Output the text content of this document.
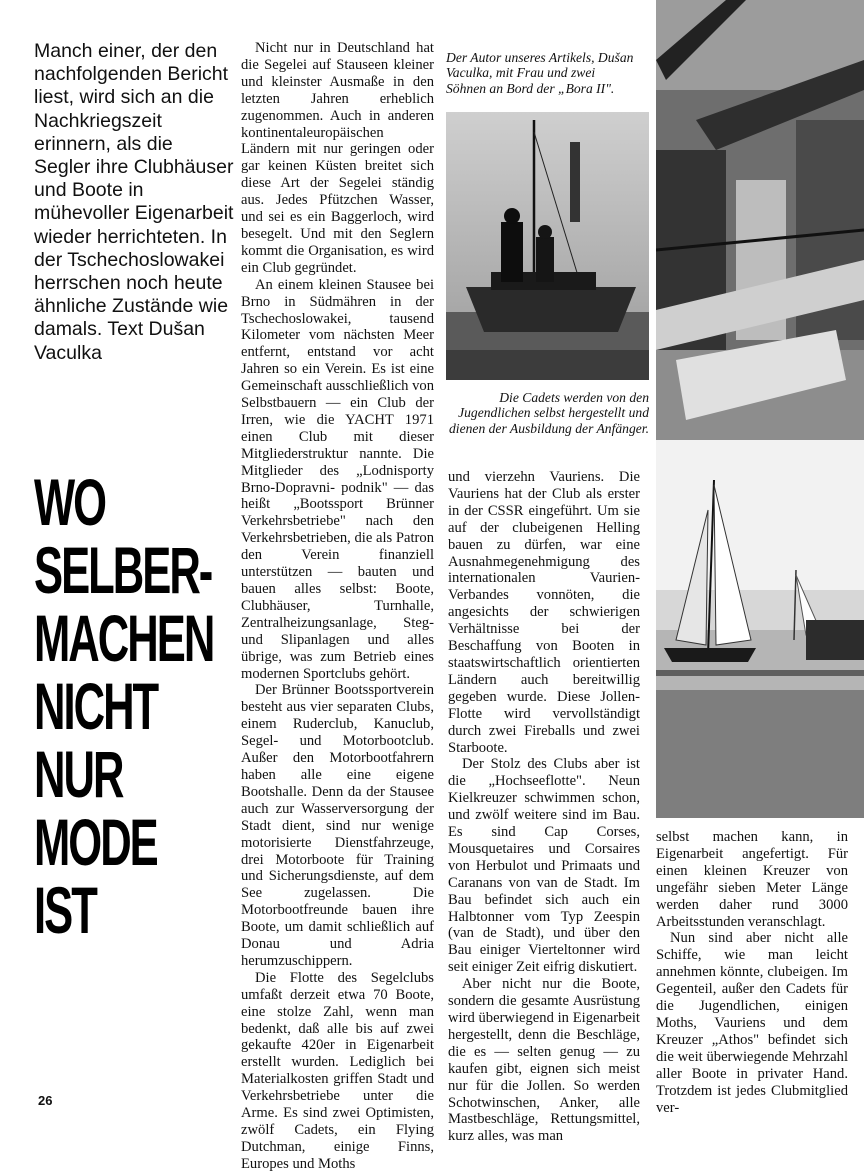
Manch einer, der den nachfolgenden Bericht liest, wird sich an die Nachkriegszeit erinnern, als die Segler ihre Clubhäuser und Boote in mühevoller Eigenarbeit wieder herrichteten. In der Tschechoslowakei herrschen noch heute ähnliche Zustände wie damals. Text Dušan Vaculka

WO
SELBER-
MACHEN
NICHT
NUR
MODE
IST

Nicht nur in Deutschland hat die Segelei auf Stauseen kleiner und kleinster Ausmaße in den letzten Jahren erheblich zugenommen. Auch in anderen kontinentaleuropäischen Ländern mit nur geringen oder gar keinen Küsten breitet sich diese Art der Segelei ständig aus. Jedes Pfützchen Wasser, und sei es ein Baggerloch, wird besegelt. Und mit den Seglern kommt die Organisation, es wird ein Club gegründet.

An einem kleinen Stausee bei Brno in Südmähren in der Tschechoslowakei, tausend Kilometer vom nächsten Meer entfernt, entstand vor acht Jahren so ein Verein. Es ist eine Gemeinschaft ausschließlich von Selbstbauern — ein Club der Irren, wie die YACHT 1971 einen Club mit dieser Mitgliederstruktur nannte. Die Mitglieder des „Lodnisporty Brno-Dopravni- podnik" — das heißt „Bootssport Brünner Verkehrsbetriebe" nach den Verkehrsbetrieben, die als Patron den Verein finanziell unterstützen — bauten und bauen alles selbst: Boote, Clubhäuser, Turnhalle, Zentralheizungsanlage, Steg- und Slipanlagen und alles übrige, was zum Betrieb eines modernen Sportclubs gehört.

Der Brünner Bootssportverein besteht aus vier separaten Clubs, einem Ruderclub, Kanuclub, Segel- und Motorbootclub. Außer den Motorbootfahrern haben alle eine eigene Bootshalle. Denn da der Stausee auch zur Wasserversorgung der Stadt dient, sind nur wenige motorisierte Dienstfahrzeuge, drei Motorboote für Training und Sicherungsdienste, auf dem See zugelassen. Die Motorbootfreunde bauen ihre Boote, um damit schließlich auf Donau und Adria herumzuschippern.

Die Flotte des Segelclubs umfaßt derzeit etwa 70 Boote, eine stolze Zahl, wenn man bedenkt, daß alle bis auf zwei gekaufte 420er in Eigenarbeit erstellt wurden. Lediglich bei Materialkosten griffen Stadt und Verkehrsbetriebe unter die Arme. Es sind zwei Optimisten, zwölf Cadets, ein Flying Dutchman, einige Finns, Europes und Moths

und vierzehn Vauriens. Die Vauriens hat der Club als erster in der CSSR eingeführt. Um sie auf der clubeigenen Helling bauen zu dürfen, war eine Ausnahmegenehmigung des internationalen Vaurien-Verbandes vonnöten, die angesichts der schwierigen Verhältnisse bei der Beschaffung von Booten in staatswirtschaftlich orientierten Ländern auch bereitwillig gegeben wurde. Diese Jollen-Flotte wird vervollständigt durch zwei Fireballs und zwei Starboote.

Der Stolz des Clubs aber ist die „Hochseeflotte". Neun Kielkreuzer schwimmen schon, und zwölf weitere sind im Bau. Es sind Cap Corses, Mousquetaires und Corsaires von Herbulot und Primaats und Caranans von van de Stadt. Im Bau befindet sich auch ein Halbtonner vom Typ Zeespin (van de Stadt), und über den Bau einiger Vierteltonner wird seit einiger Zeit eifrig diskutiert.

Aber nicht nur die Boote, sondern die gesamte Ausrüstung wird überwiegend in Eigenarbeit hergestellt, denn die Beschläge, die es — selten genug — zu kaufen gibt, eignen sich meist nur für die Jollen. So werden Schotwinschen, Anker, alle Mastbeschläge, Rettungsmittel, kurz alles, was man

selbst machen kann, in Eigenarbeit angefertigt. Für einen kleinen Kreuzer von ungefähr sieben Meter Länge werden daher rund 3000 Arbeitsstunden veranschlagt.

Nun sind aber nicht alle Schiffe, wie man leicht annehmen könnte, clubeigen. Im Gegenteil, außer den Cadets für die Jugendlichen, einigen Moths, Vauriens und dem Kreuzer „Athos" befindet sich die weit überwiegende Mehrzahl aller Boote in privater Hand. Trotzdem ist jedes Clubmitglied ver-

Der Autor unseres Artikels, Dušan Vaculka, mit Frau und zwei Söhnen an Bord der „Bora II".
Die Cadets werden von den Jugendlichen selbst hergestellt und dienen der Ausbildung der Anfänger.
26
